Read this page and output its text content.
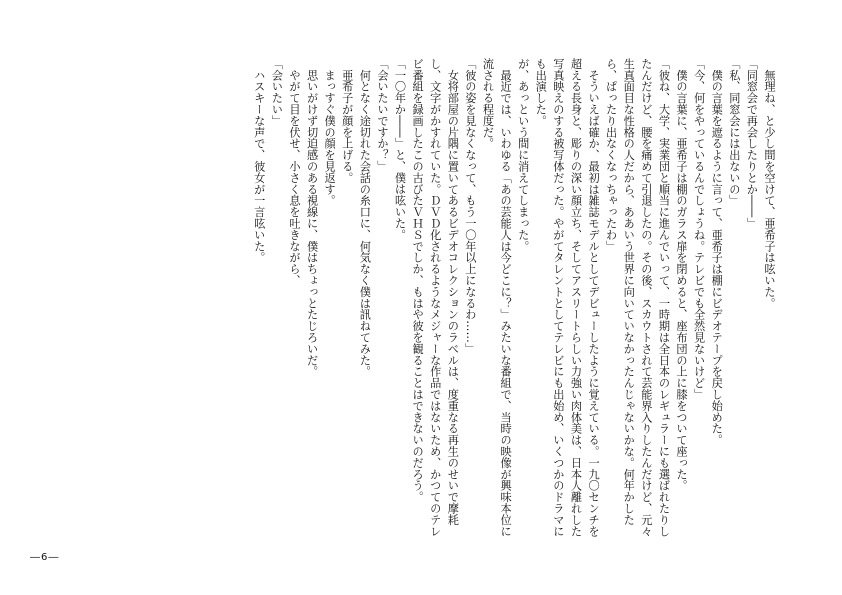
　無理ね、と少し間を空けて、亜希子は呟いた。

「同窓会で再会したりとか――」

「私、同窓会には出ないの」

　僕の言葉を遮るように言って、亜希子は棚にビデオテープを戻し始めた。

「今、何をやっているんでしょうね。テレビでも全然見ないけど」

　僕の言葉に、亜希子は棚のガラス扉を閉めると、座布団の上に膝をついて座った。

「彼ね、大学、実業団と順当に進んでいって、一時期は全日本のレギュラーにも選ばれたりしたんだけど、腰を痛めて引退したの。その後、スカウトされて芸能界入りしたんだけど、元々生真面目な性格の人だから、ああいう世界に向いていなかったんじゃないかな。何年かしたら、ぱったり出なくなっちゃったわ」

　そういえば確か、最初は雑誌モデルとしてデビューしたように覚えている。一九〇センチを超える長身と、彫りの深い顔立ち、そしてアスリートらしい力強い肉体美は、日本人離れした写真映えのする被写体だった。やがてタレントとしてテレビにも出始め、いくつかのドラマにも出演した。

が、あっという間に消えてしまった。

　最近では、いわゆる「あの芸能人は今どこに？」みたいな番組で、当時の映像が興味本位に流される程度だ。

「彼の姿を見なくなって、もう一〇年以上になるわ……」

　女将部屋の片隅に置いてあるビデオコレクションのラベルは、度重なる再生のせいで摩耗し、文字がかすれていた。ＤＶＤ化されるようなメジャーな作品ではないため、かつてのテレビ番組を録画したこの古びたＶＨＳでしか、もはや彼を観ることはできないのだろう。

「一〇年か――」と、僕は呟いた。

「会いたいですか？」

　何となく途切れた会話の糸口に、何気なく僕は訊ねてみた。

　亜希子が顔を上げる。

　まっすぐ僕の顔を見返す。

　思いがけず切迫感のある視線に、僕はちょっとたじろいだ。

　やがて目を伏せ、小さく息を吐きながら、

「会いたい」

　ハスキーな声で、彼女が一言呟いた。

―6―
